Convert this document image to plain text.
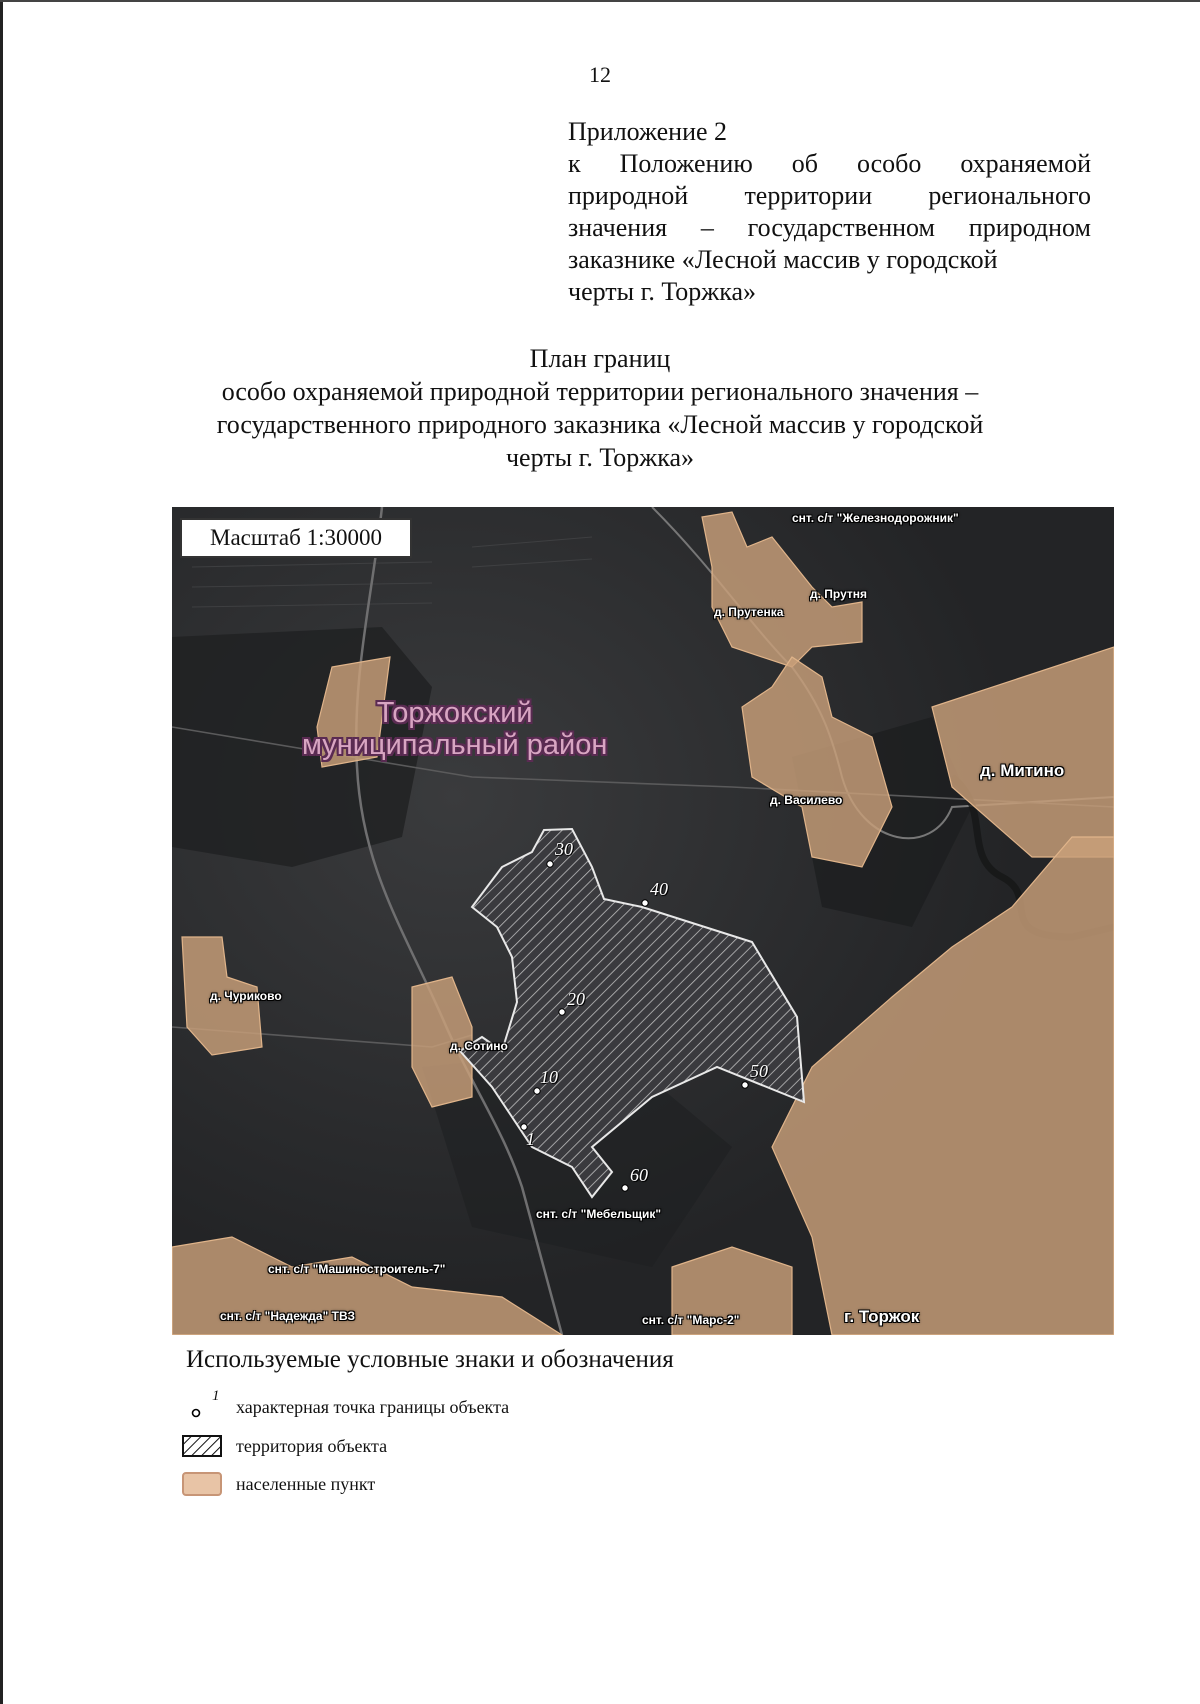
12
Приложение 2
к Положению об особо охраняемой
природной территории регионального
значения – государственном природном
заказнике «Лесной массив у городской
черты г. Торжка»
План границ
особо охраняемой природной территории регионального значения –
государственного природного заказника «Лесной массив у городской
черты г. Торжка»
Масштаб 1:30000
Торжокский
муниципальный район
снт. с/т "Железнодорожник"
д. Прутня
д. Прутенка
д. Митино
д. Василево
д. Чуриково
д. Сотино
снт. с/т "Мебельщик"
снт. с/т "Машиностроитель-7"
снт. с/т "Надежда" ТВЗ	снт. с/т "Марс-2"	г. Торжок
30
40
20
10	50
1
60
Используемые условные знаки и обозначения
1
характерная точка границы объекта
территория объекта
населенные пункт
